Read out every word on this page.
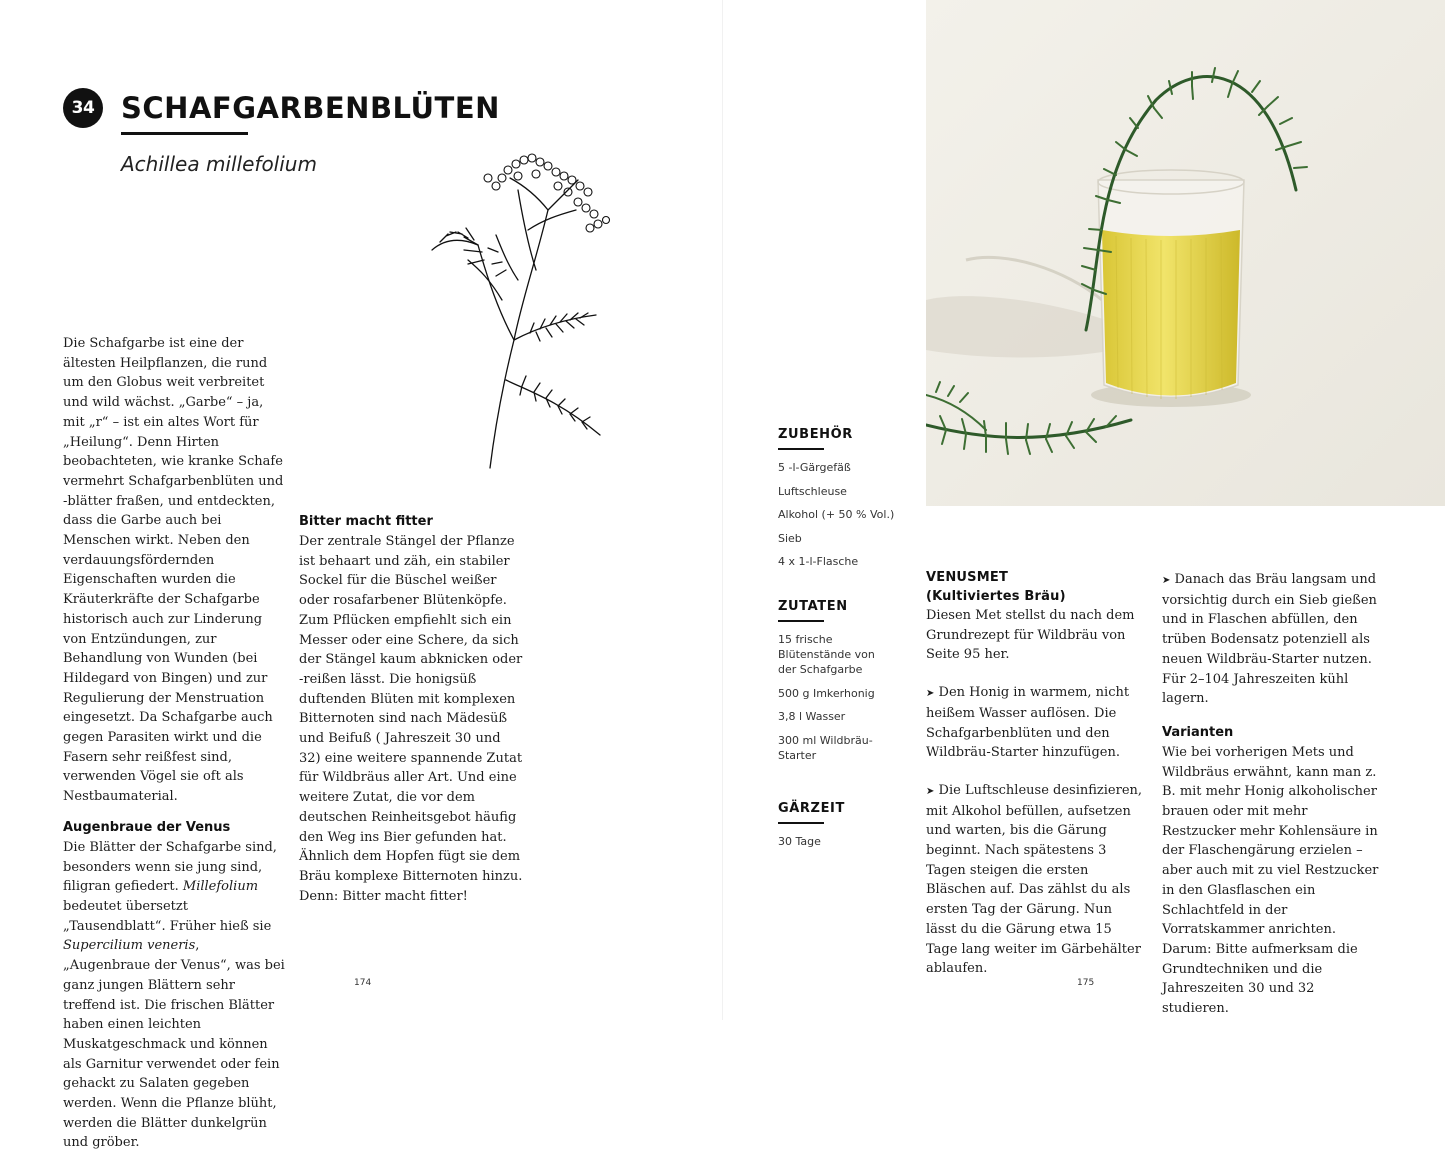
34 SCHAFGARBENBLÜTEN
Achillea millefolium

Die Schafgarbe ist eine der ältesten Heilpflanzen, die rund um den Globus weit verbreitet und wild wächst. „Garbe“ – ja, mit „r“ – ist ein altes Wort für „Heilung“. Denn Hirten beobachteten, wie kranke Schafe vermehrt Schafgarbenblüten und -blätter fraßen, und entdeckten, dass die Garbe auch bei Menschen wirkt. Neben den verdauungsfördernden Eigenschaften wurden die Kräuterkräfte der Schafgarbe historisch auch zur Linderung von Entzündungen, zur Behandlung von Wunden (bei Hildegard von Bingen) und zur Regulierung der Menstruation eingesetzt. Da Schafgarbe auch gegen Parasiten wirkt und die Fasern sehr reißfest sind, verwenden Vögel sie oft als Nestbaumaterial.

Augenbraue der Venus

Die Blätter der Schafgarbe sind, besonders wenn sie jung sind, filigran gefiedert. Millefolium bedeutet übersetzt „Tausendblatt“. Früher hieß sie Supercilium veneris, „Augenbraue der Venus“, was bei ganz jungen Blättern sehr treffend ist. Die frischen Blätter haben einen leichten Muskatgeschmack und können als Garnitur verwendet oder fein gehackt zu Salaten gegeben werden. Wenn die Pflanze blüht, werden die Blätter dunkelgrün und gröber.

Bitter macht fitter

Der zentrale Stängel der Pflanze ist behaart und zäh, ein stabiler Sockel für die Büschel weißer oder rosafarbener Blütenköpfe. Zum Pflücken empfiehlt sich ein Messer oder eine Schere, da sich der Stängel kaum abknicken oder -reißen lässt. Die honigsüß duftenden Blüten mit komplexen Bitternoten sind nach Mädesüß und Beifuß ( Jahreszeit 30 und 32) eine weitere spannende Zutat für Wildbräus aller Art. Und eine weitere Zutat, die vor dem deutschen Reinheitsgebot häufig den Weg ins Bier gefunden hat. Ähnlich dem Hopfen fügt sie dem Bräu komplexe Bitternoten hinzu. Denn: Bitter macht fitter!

174
ZUBEHÖR
5 -l-Gärgefäß
Luftschleuse
Alkohol (+ 50 % Vol.)
Sieb
4 x 1-l-Flasche
ZUTATEN
15 frische Blütenstände von der Schafgarbe
500 g Imkerhonig
3,8 l Wasser
300 ml Wildbräu-Starter
GÄRZEIT
30 Tage
VENUSMET
(Kultiviertes Bräu)

Diesen Met stellst du nach dem Grundrezept für Wildbräu von Seite 95 her.

➤ Den Honig in warmem, nicht heißem Wasser auflösen. Die Schafgarbenblüten und den Wildbräu-Starter hinzufügen.

➤ Die Luftschleuse desinfizieren, mit Alkohol befüllen, aufsetzen und warten, bis die Gärung beginnt. Nach spätestens 3 Tagen steigen die ersten Bläschen auf. Das zählst du als ersten Tag der Gärung. Nun lässt du die Gärung etwa 15 Tage lang weiter im Gärbehälter ablaufen.

➤ Danach das Bräu langsam und vorsichtig durch ein Sieb gießen und in Flaschen abfüllen, den trüben Bodensatz potenziell als neuen Wildbräu-Starter nutzen. Für 2–104 Jahreszeiten kühl lagern.

Varianten

Wie bei vorherigen Mets und Wildbräus erwähnt, kann man z. B. mit mehr Honig alkoholischer brauen oder mit mehr Restzucker mehr Kohlensäure in der Flaschengärung erzielen – aber auch mit zu viel Restzucker in den Glasflaschen ein Schlachtfeld in der Vorratskammer anrichten. Darum: Bitte aufmerksam die Grundtechniken und die Jahreszeiten 30 und 32 studieren.

175
